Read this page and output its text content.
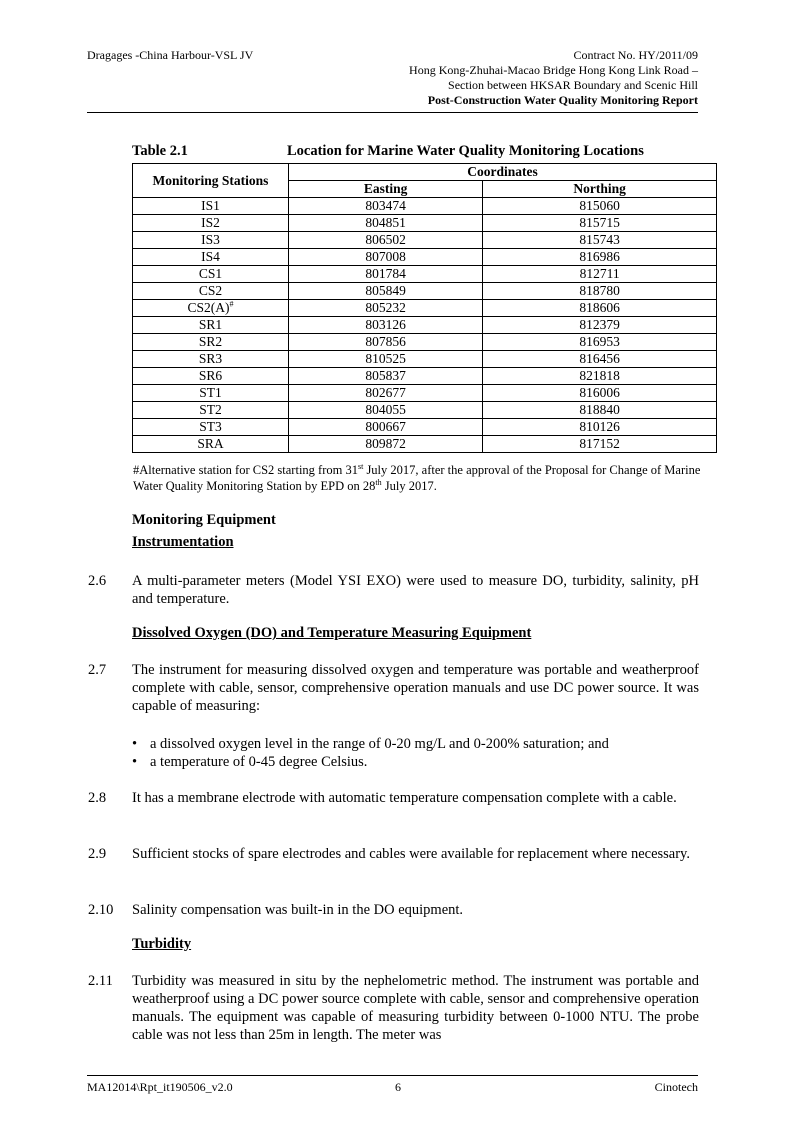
Dragages -China Harbour-VSL JV	Contract No. HY/2011/09
Hong Kong-Zhuhai-Macao Bridge Hong Kong Link Road –
Section between HKSAR Boundary and Scenic Hill
Post-Construction Water Quality Monitoring Report
Table 2.1	Location for Marine Water Quality Monitoring Locations
Monitoring Stations	Coordinates	
	Easting	Northing
IS1	803474	815060
IS2	804851	815715
IS3	806502	815743
IS4	807008	816986
CS1	801784	812711
CS2	805849	818780
CS2(A)#	805232	818606
SR1	803126	812379
SR2	807856	816953
SR3	810525	816456
SR6	805837	821818
ST1	802677	816006
ST2	804055	818840
ST3	800667	810126
SRA	809872	817152
#Alternative station for CS2 starting from 31st July 2017, after the approval of the Proposal for Change of Marine Water Quality Monitoring Station by EPD on 28th July 2017.
Monitoring Equipment
Instrumentation
2.6 A multi-parameter meters (Model YSI EXO) were used to measure DO, turbidity, salinity, pH and temperature.
Dissolved Oxygen (DO) and Temperature Measuring Equipment
2.7 The instrument for measuring dissolved oxygen and temperature was portable and weatherproof complete with cable, sensor, comprehensive operation manuals and use DC power source. It was capable of measuring:
• a dissolved oxygen level in the range of 0-20 mg/L and 0-200% saturation; and
• a temperature of 0-45 degree Celsius.
2.8 It has a membrane electrode with automatic temperature compensation complete with a cable.
2.9 Sufficient stocks of spare electrodes and cables were available for replacement where necessary.
2.10 Salinity compensation was built-in in the DO equipment.
Turbidity
2.11 Turbidity was measured in situ by the nephelometric method. The instrument was portable and weatherproof using a DC power source complete with cable, sensor and comprehensive operation manuals. The equipment was capable of measuring turbidity between 0-1000 NTU. The probe cable was not less than 25m in length. The meter was
MA12014\Rpt_it190506_v2.0	6	Cinotech
